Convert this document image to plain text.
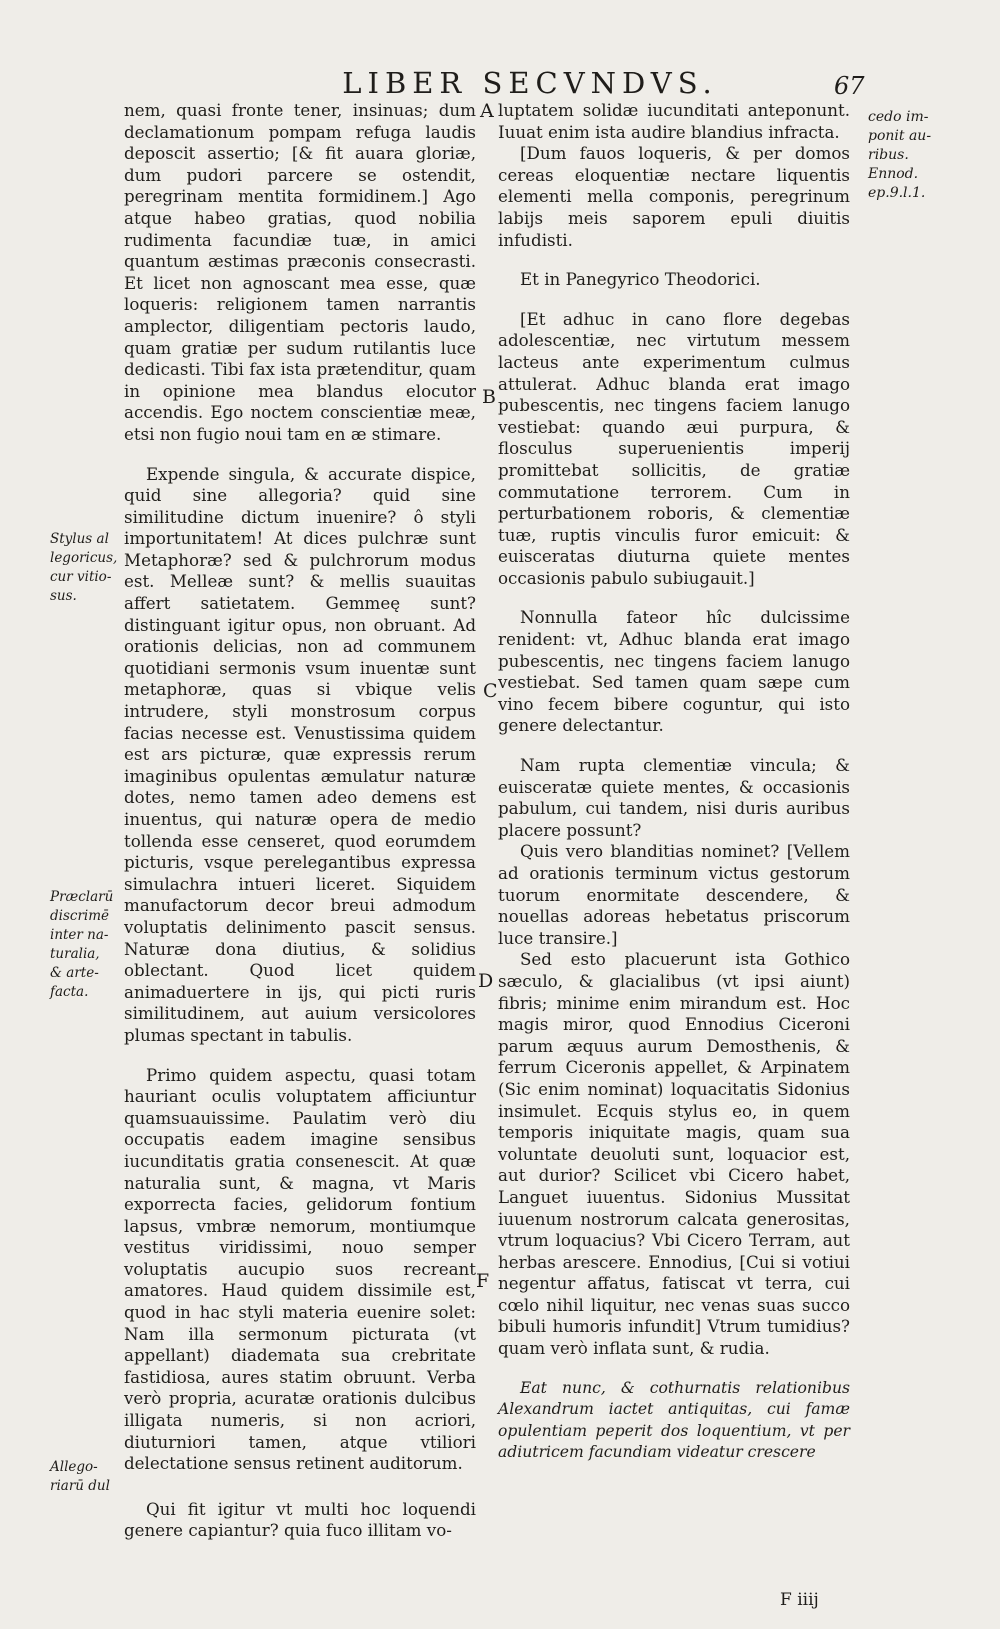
LIBER SECVNDVS.	67
Stylus al
legoricus,
cur vitio-
sus.
Præclarū
discrimē
inter na-
turalia,
& arte-
facta.
Allego-
riarū dul
cedo im-
ponit au-
ribus.
Ennod.
ep.9.l.1.
A
B
C
D
F

nem, quasi fronte tener, insinuas; dum declamationum pompam refuga laudis deposcit assertio; [& fit auara gloriæ, dum pudori parcere se ostendit, peregrinam mentita formidinem.] Ago atque habeo gratias, quod nobilia rudimenta facundiæ tuæ, in amici quantum æstimas præconis consecrasti. Et licet non agnoscant mea esse, quæ loqueris: religionem tamen narrantis amplector, diligentiam pectoris laudo, quam gratiæ per sudum rutilantis luce dedicasti. Tibi fax ista prætenditur, quam in opinione mea blandus elocutor accendis. Ego noctem conscientiæ meæ, etsi non fugio noui tam en æ stimare.

Expende singula, & accurate dispice, quid sine allegoria? quid sine similitudine dictum inuenire? ô styli importunitatem! At dices pulchræ sunt Metaphoræ? sed & pulchrorum modus est. Melleæ sunt? & mellis suauitas affert satietatem. Gemmeę sunt? distinguant igitur opus, non obruant. Ad orationis delicias, non ad communem quotidiani sermonis vsum inuentæ sunt metaphoræ, quas si vbique velis intrudere, styli monstrosum corpus facias necesse est. Venustissima quidem est ars picturæ, quæ expressis rerum imaginibus opulentas æmulatur naturæ dotes, nemo tamen adeo demens est inuentus, qui naturæ opera de medio tollenda esse censeret, quod eorumdem picturis, vsque perelegantibus expressa simulachra intueri liceret. Siquidem manufactorum decor breui admodum voluptatis delinimento pascit sensus. Naturæ dona diutius, & solidius oblectant. Quod licet quidem animaduertere in ijs, qui picti ruris similitudinem, aut auium versicolores plumas spectant in tabulis.

Primo quidem aspectu, quasi totam hauriant oculis voluptatem afficiuntur quamsuauissime. Paulatim verò diu occupatis eadem imagine sensibus iucunditatis gratia consenescit. At quæ naturalia sunt, & magna, vt Maris exporrecta facies, gelidorum fontium lapsus, vmbræ nemorum, montiumque vestitus viridissimi, nouo semper voluptatis aucupio suos recreant amatores. Haud quidem dissimile est, quod in hac styli materia euenire solet: Nam illa sermonum picturata (vt appellant) diademata sua crebritate fastidiosa, aures statim obruunt. Verba verò propria, acuratæ orationis dulcibus illigata numeris, si non acriori, diuturniori tamen, atque vtiliori delectatione sensus retinent auditorum.

Qui fit igitur vt multi hoc loquendi genere capiantur? quia fuco illitam vo-

luptatem solidæ iucunditati anteponunt. Iuuat enim ista audire blandius infracta.

[Dum fauos loqueris, & per domos cereas eloquentiæ nectare liquentis elementi mella componis, peregrinum labijs meis saporem epuli diuitis infudisti.

Et in Panegyrico Theodorici.

[Et adhuc in cano flore degebas adolescentiæ, nec virtutum messem lacteus ante experimentum culmus attulerat. Adhuc blanda erat imago pubescentis, nec tingens faciem lanugo vestiebat: quando æui purpura, & flosculus superuenientis imperij promittebat sollicitis, de gratiæ commutatione terrorem. Cum in perturbationem roboris, & clementiæ tuæ, ruptis vinculis furor emicuit: & euisceratas diuturna quiete mentes occasionis pabulo subiugauit.]

Nonnulla fateor hîc dulcissime renident: vt, Adhuc blanda erat imago pubescentis, nec tingens faciem lanugo vestiebat. Sed tamen quam sæpe cum vino fecem bibere coguntur, qui isto genere delectantur.

Nam rupta clementiæ vincula; & euisceratæ quiete mentes, & occasionis pabulum, cui tandem, nisi duris auribus placere possunt?

Quis vero blanditias nominet? [Vellem ad orationis terminum victus gestorum tuorum enormitate descendere, & nouellas adoreas hebetatus priscorum luce transire.]

Sed esto placuerunt ista Gothico sæculo, & glacialibus (vt ipsi aiunt) fibris; minime enim mirandum est. Hoc magis miror, quod Ennodius Ciceroni parum æquus aurum Demosthenis, & ferrum Ciceronis appellet, & Arpinatem (Sic enim nominat) loquacitatis Sidonius insimulet. Ecquis stylus eo, in quem temporis iniquitate magis, quam sua voluntate deuoluti sunt, loquacior est, aut durior? Scilicet vbi Cicero habet, Languet iuuentus. Sidonius Mussitat iuuenum nostrorum calcata generositas, vtrum loquacius? Vbi Cicero Terram, aut herbas arescere. Ennodius, [Cui si votiui negentur affatus, fatiscat vt terra, cui cœlo nihil liquitur, nec venas suas succo bibuli humoris infundit] Vtrum tumidius? quam verò inflata sunt, & rudia.

Eat nunc, & cothurnatis relationibus Alexandrum iactet antiquitas, cui famæ opulentiam peperit dos loquentium, vt per adiutricem facundiam videatur crescere

F iiij
